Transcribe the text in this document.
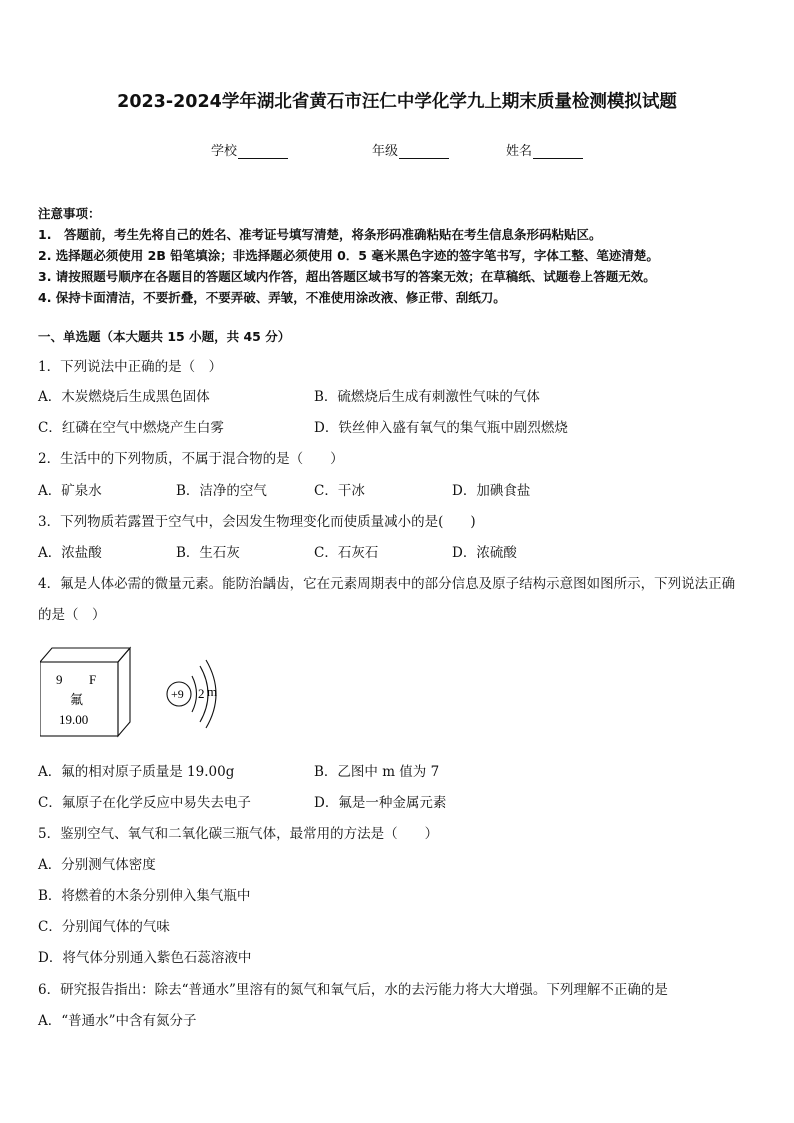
2023-2024学年湖北省黄石市汪仁中学化学九上期末质量检测模拟试题
学校	年级	姓名
注意事项：
1.　答题前，考生先将自己的姓名、准考证号填写清楚，将条形码准确粘贴在考生信息条形码粘贴区。
2. 选择题必须使用 2B 铅笔填涂；非选择题必须使用 0．5 毫米黑色字迹的签字笔书写，字体工整、笔迹清楚。
3. 请按照题号顺序在各题目的答题区域内作答，超出答题区域书写的答案无效；在草稿纸、试题卷上答题无效。
4. 保持卡面清洁，不要折叠，不要弄破、弄皱，不准使用涂改液、修正带、刮纸刀。
一、单选题（本大题共 15 小题，共 45 分）
1．下列说法中正确的是（　）
A．木炭燃烧后生成黑色固体	B．硫燃烧后生成有刺激性气味的气体
C．红磷在空气中燃烧产生白雾	D．铁丝伸入盛有氧气的集气瓶中剧烈燃烧
2．生活中的下列物质，不属于混合物的是（　　）
A．矿泉水	B．洁净的空气	C．干冰	D．加碘食盐
3．下列物质若露置于空气中，会因发生物理变化而使质量减小的是(　　)
A．浓盐酸	B．生石灰	C．石灰石	D．浓硫酸
4．氟是人体必需的微量元素。能防治龋齿，它在元素周期表中的部分信息及原子结构示意图如图所示，下列说法正确
的是（　）
9 F
氟
19.00
+9 2 m
A．氟的相对原子质量是 19.00g	B．乙图中 m 值为 7
C．氟原子在化学反应中易失去电子	D．氟是一种金属元素
5．鉴别空气、氧气和二氧化碳三瓶气体，最常用的方法是（　　）
A．分别测气体密度
B．将燃着的木条分别伸入集气瓶中
C．分别闻气体的气味
D．将气体分别通入紫色石蕊溶液中
6．研究报告指出：除去“普通水”里溶有的氮气和氧气后，水的去污能力将大大增强。下列理解不正确的是
A．“普通水”中含有氮分子
